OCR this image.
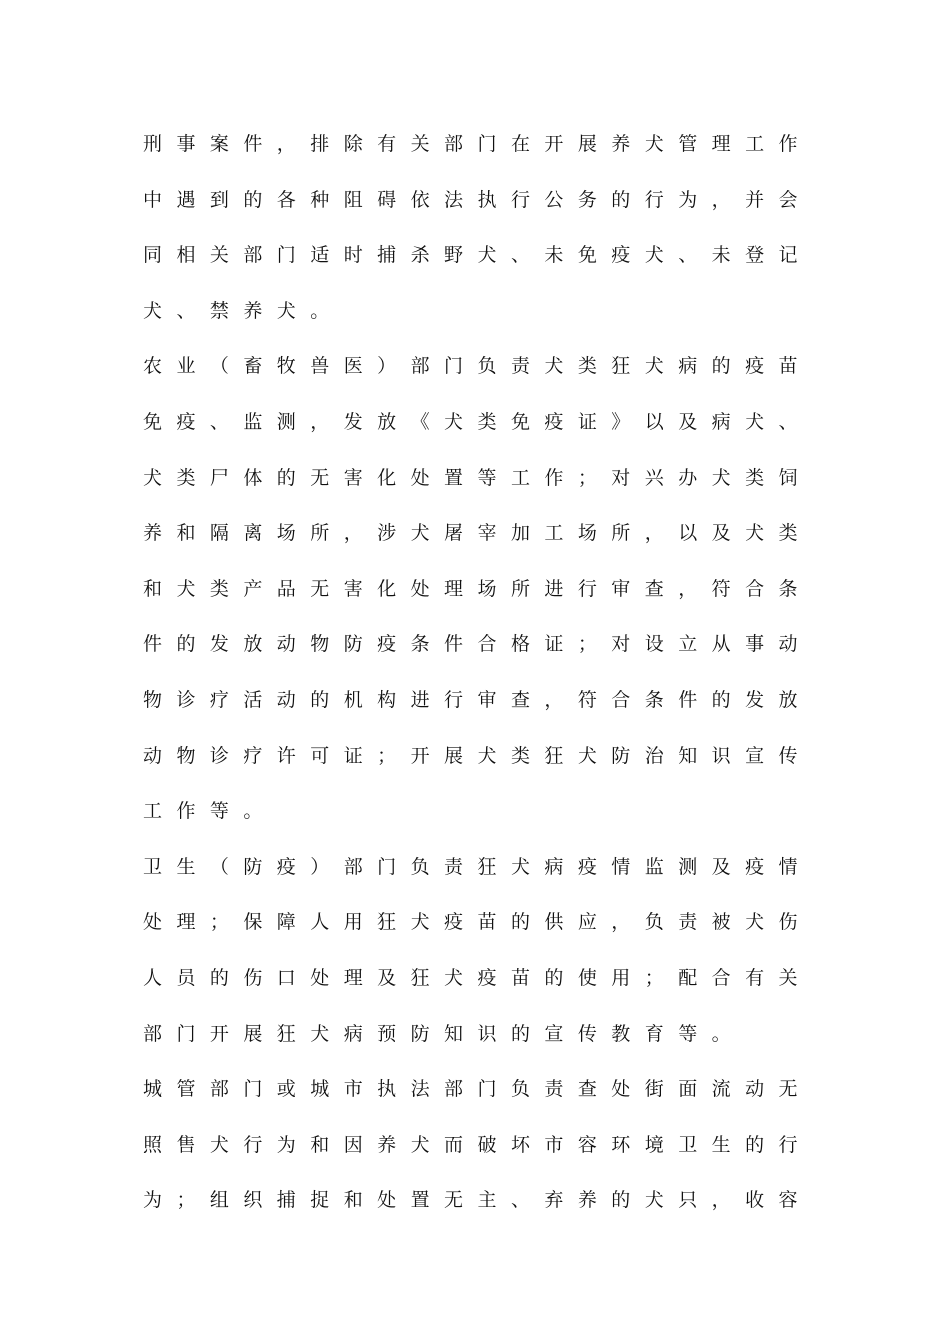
刑事案件，排除有关部门在开展养犬管理工作
中遇到的各种阻碍依法执行公务的行为，并会
同相关部门适时捕杀野犬、未免疫犬、未登记
犬、禁养犬。
农业（畜牧兽医）部门负责犬类狂犬病的疫苗
免疫、监测，发放《犬类免疫证》以及病犬、
犬类尸体的无害化处置等工作；对兴办犬类饲
养和隔离场所，涉犬屠宰加工场所，以及犬类
和犬类产品无害化处理场所进行审查，符合条
件的发放动物防疫条件合格证；对设立从事动
物诊疗活动的机构进行审查，符合条件的发放
动物诊疗许可证；开展犬类狂犬防治知识宣传
工作等。
卫生（防疫）部门负责狂犬病疫情监测及疫情
处理；保障人用狂犬疫苗的供应，负责被犬伤
人员的伤口处理及狂犬疫苗的使用；配合有关
部门开展狂犬病预防知识的宣传教育等。
城管部门或城市执法部门负责查处街面流动无
照售犬行为和因养犬而破坏市容环境卫生的行
为；组织捕捉和处置无主、弃养的犬只，收容
